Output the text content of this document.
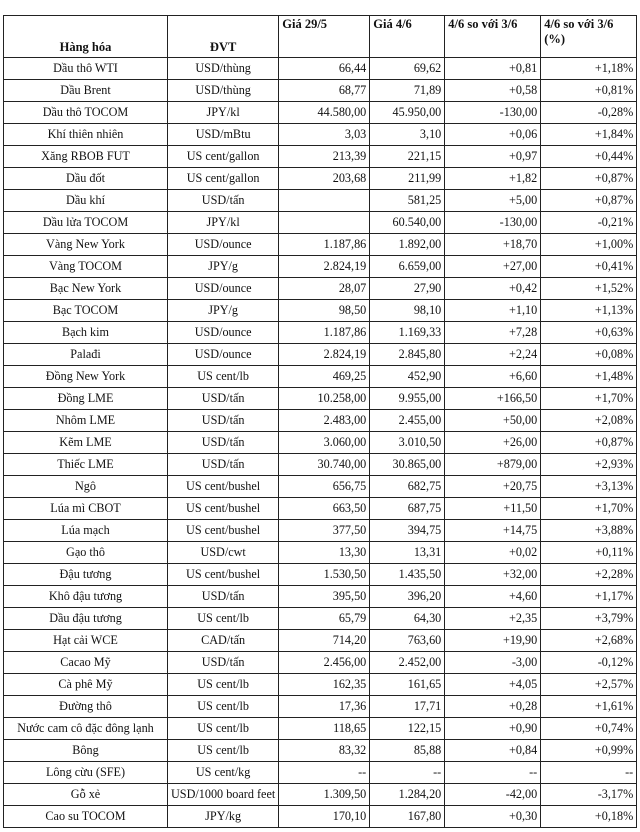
Hàng hóa	ĐVT	Giá 29/5	Giá 4/6	4/6 so với 3/6	4/6 so với 3/6
(%)

Dầu thô WTI	USD/thùng	66,44	69,62	+0,81	+1,18%
Dầu Brent	USD/thùng	68,77	71,89	+0,58	+0,81%
Dầu thô TOCOM	JPY/kl	44.580,00	45.950,00	-130,00	-0,28%
Khí thiên nhiên	USD/mBtu	3,03	3,10	+0,06	+1,84%
Xăng RBOB FUT	US cent/gallon	213,39	221,15	+0,97	+0,44%
Dầu đốt	US cent/gallon	203,68	211,99	+1,82	+0,87%
Dầu khí	USD/tấn		581,25	+5,00	+0,87%
Dầu lửa TOCOM	JPY/kl		60.540,00	-130,00	-0,21%
Vàng New York	USD/ounce	1.187,86	1.892,00	+18,70	+1,00%
Vàng TOCOM	JPY/g	2.824,19	6.659,00	+27,00	+0,41%
Bạc New York	USD/ounce	28,07	27,90	+0,42	+1,52%
Bạc TOCOM	JPY/g	98,50	98,10	+1,10	+1,13%
Bạch kim	USD/ounce	1.187,86	1.169,33	+7,28	+0,63%
Palađi	USD/ounce	2.824,19	2.845,80	+2,24	+0,08%
Đồng New York	US cent/lb	469,25	452,90	+6,60	+1,48%
Đồng LME	USD/tấn	10.258,00	9.955,00	+166,50	+1,70%
Nhôm LME	USD/tấn	2.483,00	2.455,00	+50,00	+2,08%
Kẽm LME	USD/tấn	3.060,00	3.010,50	+26,00	+0,87%
Thiếc LME	USD/tấn	30.740,00	30.865,00	+879,00	+2,93%
Ngô	US cent/bushel	656,75	682,75	+20,75	+3,13%
Lúa mì CBOT	US cent/bushel	663,50	687,75	+11,50	+1,70%
Lúa mạch	US cent/bushel	377,50	394,75	+14,75	+3,88%
Gạo thô	USD/cwt	13,30	13,31	+0,02	+0,11%
Đậu tương	US cent/bushel	1.530,50	1.435,50	+32,00	+2,28%
Khô đậu tương	USD/tấn	395,50	396,20	+4,60	+1,17%
Dầu đậu tương	US cent/lb	65,79	64,30	+2,35	+3,79%
Hạt cải WCE	CAD/tấn	714,20	763,60	+19,90	+2,68%
Cacao Mỹ	USD/tấn	2.456,00	2.452,00	-3,00	-0,12%
Cà phê Mỹ	US cent/lb	162,35	161,65	+4,05	+2,57%
Đường thô	US cent/lb	17,36	17,71	+0,28	+1,61%
Nước cam cô đặc đông lạnh	US cent/lb	118,65	122,15	+0,90	+0,74%
Bông	US cent/lb	83,32	85,88	+0,84	+0,99%
Lông cừu (SFE)	US cent/kg	--	--	--	--
Gỗ xẻ	USD/1000 board feet	1.309,50	1.284,20	-42,00	-3,17%
Cao su TOCOM	JPY/kg	170,10	167,80	+0,30	+0,18%
